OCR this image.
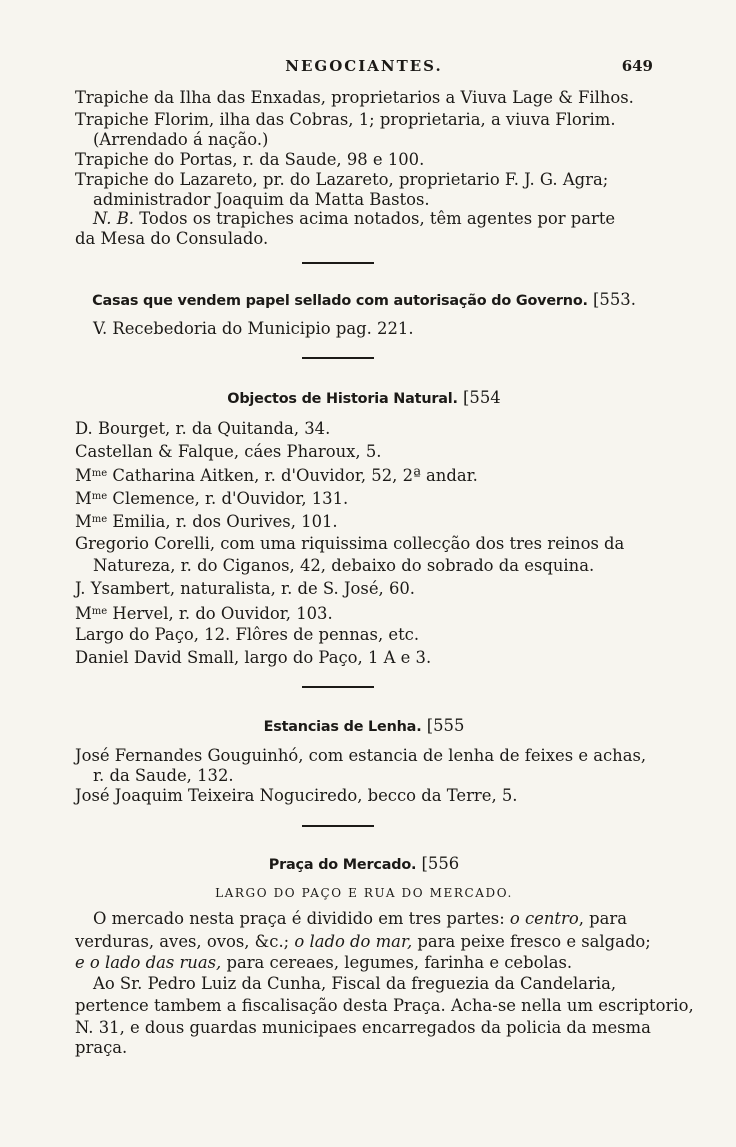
NEGOCIANTES.	649
Trapiche da Ilha das Enxadas, proprietarios a Viuva Lage & Filhos.
Trapiche Florim, ilha das Cobras, 1; proprietaria, a viuva Florim.
(Arrendado á nação.)
Trapiche do Portas, r. da Saude, 98 e 100.
Trapiche do Lazareto, pr. do Lazareto, proprietario F. J. G. Agra;
administrador Joaquim da Matta Bastos.
N. B. Todos os trapiches acima notados, têm agentes por parte
da Mesa do Consulado.
Casas que vendem papel sellado com autorisação do Governo. [553.
V. Recebedoria do Municipio pag. 221.
Objectos de Historia Natural. [554
D. Bourget, r. da Quitanda, 34.
Castellan & Falque, cáes Pharoux, 5.
$M^{me}$ Catharina Aitken, r. d'Ouvidor, 52, 2ª andar.
$M^{me}$ Clemence, r. d'Ouvidor, 131.
$M^{me}$ Emilia, r. dos Ourives, 101.
Gregorio Corelli, com uma riquissima collecção dos tres reinos da
Natureza, r. do Ciganos, 42, debaixo do sobrado da esquina.
J. Ysambert, naturalista, r. de S. José, 60.
$M^{me}$ Hervel, r. do Ouvidor, 103.
Largo do Paço, 12. Flôres de pennas, etc.
Daniel David Small, largo do Paço, 1 A e 3.
Estancias de Lenha. [555
José Fernandes Gouguinhó, com estancia de lenha de feixes e achas,
r. da Saude, 132.
José Joaquim Teixeira Noguciredo, becco da Terre, 5.
Praça do Mercado. [556
LARGO DO PAÇO E RUA DO MERCADO.
O mercado nesta praça é dividido em tres partes: o centro, para
verduras, aves, ovos, &c.; o lado do mar, para peixe fresco e salgado;
e o lado das ruas, para cereaes, legumes, farinha e cebolas.
Ao Sr. Pedro Luiz da Cunha, Fiscal da freguezia da Candelaria,
pertence tambem a fiscalisação desta Praça. Acha-se nella um escriptorio,
N. 31, e dous guardas municipaes encarregados da policia da mesma
praça.
